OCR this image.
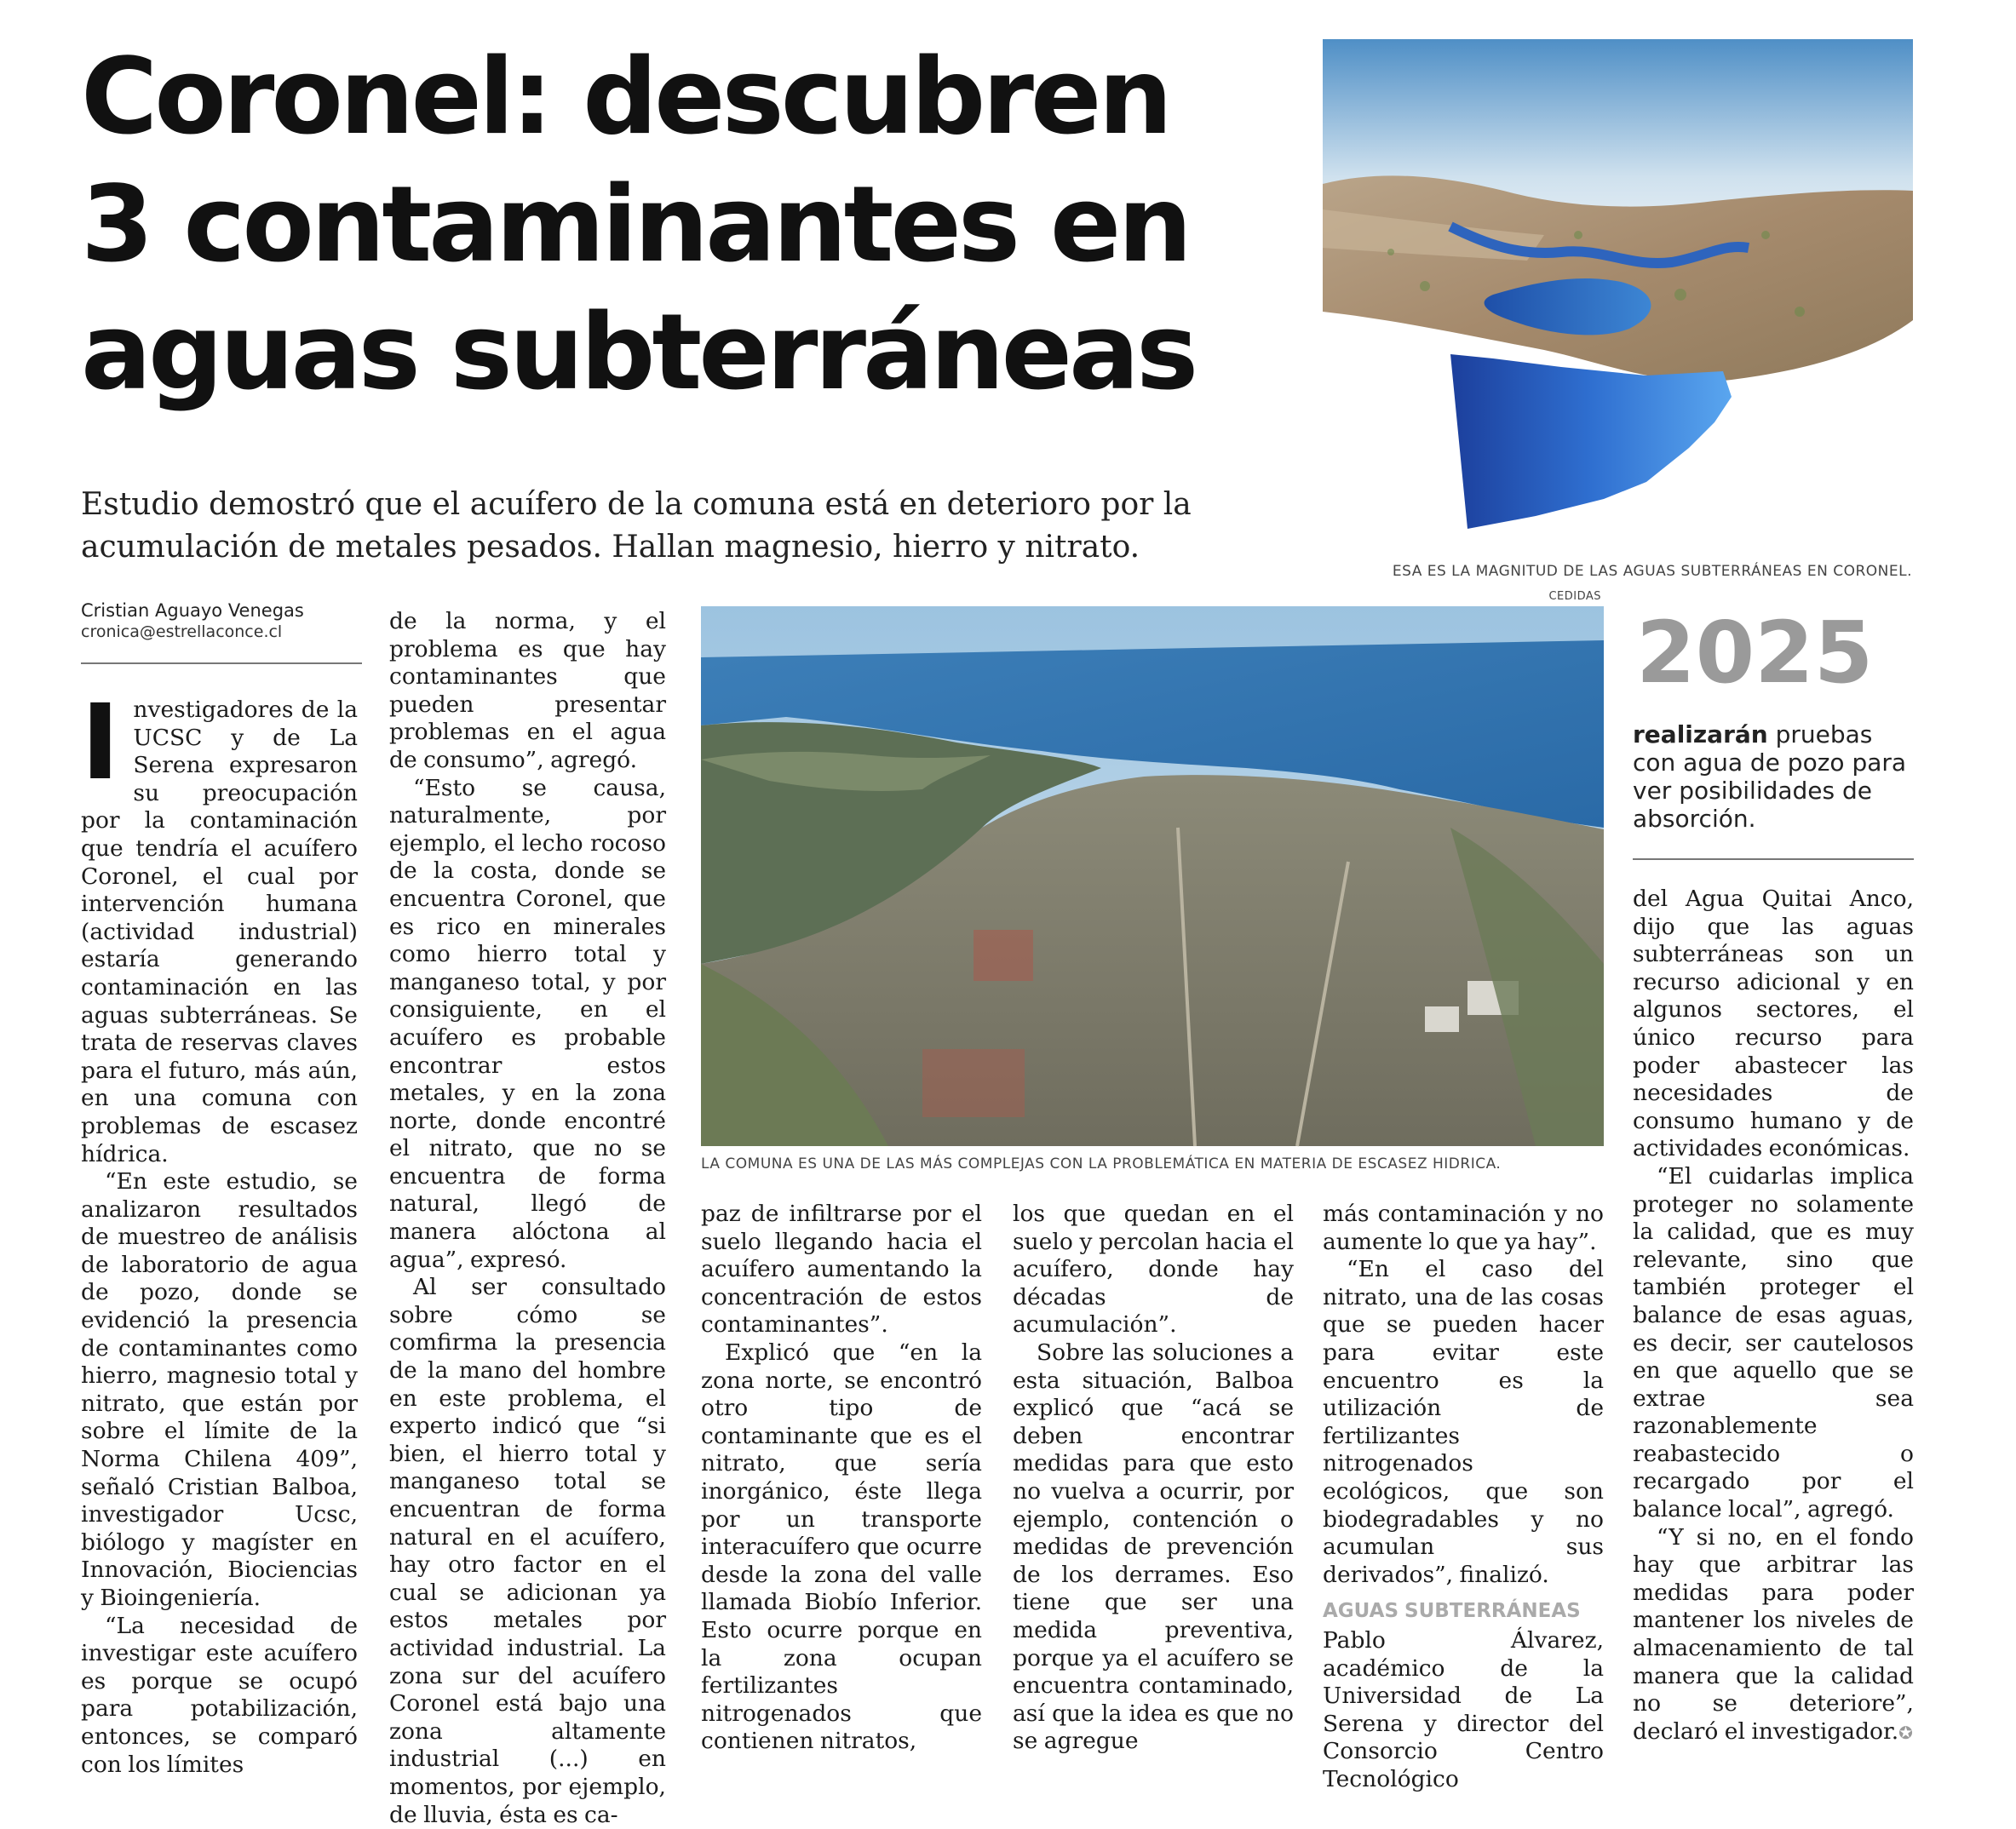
Coronel: descubren
3 contaminantes en
aguas subterráneas
Estudio demostró que el acuífero de la comuna está en deterioro por la
acumulación de metales pesados. Hallan magnesio, hierro y nitrato.
ESA ES LA MAGNITUD DE LAS AGUAS SUBTERRÁNEAS EN CORONEL.
CEDIDAS
Cristian Aguayo Venegas
cronica@estrellaconce.cl

Investigadores de la UCSC y de La Serena expresaron su preocupación por la contaminación que tendría el acuífero Coronel, el cual por intervención humana (actividad industrial) estaría generando contaminación en las aguas subterráneas. Se trata de reservas claves para el futuro, más aún, en una comuna con problemas de escasez hídrica.

“En este estudio, se analizaron resultados de muestreo de análisis de laboratorio de agua de pozo, donde se evidenció la presencia de contaminantes como hierro, magnesio total y nitrato, que están por sobre el límite de la Norma Chilena 409”, señaló Cristian Balboa, investigador Ucsc, biólogo y magíster en Innovación, Biociencias y Bioingeniería.

“La necesidad de investigar este acuífero es porque se ocupó para potabilización, entonces, se comparó con los límites

de la norma, y el problema es que hay contaminantes que pueden presentar problemas en el agua de consumo”, agregó.

“Esto se causa, naturalmente, por ejemplo, el lecho rocoso de la costa, donde se encuentra Coronel, que es rico en minerales como hierro total y manganeso total, y por consiguiente, en el acuífero es probable encontrar estos metales, y en la zona norte, donde encontré el nitrato, que no se encuentra de forma natural, llegó de manera alóctona al agua”, expresó.

Al ser consultado sobre cómo se comfirma la presencia de la mano del hombre en este problema, el experto indicó que “si bien, el hierro total y manganeso total se encuentran de forma natural en el acuífero, hay otro factor en el cual se adicionan ya estos metales por actividad industrial. La zona sur del acuífero Coronel está bajo una zona altamente industrial (...) en momentos, por ejemplo, de lluvia, ésta es ca-

LA COMUNA ES UNA DE LAS MÁS COMPLEJAS CON LA PROBLEMÁTICA EN MATERIA DE ESCASEZ HIDRICA.
2025

realizarán pruebas con agua de pozo para ver posibilidades de absorción.

paz de infiltrarse por el suelo llegando hacia el acuífero aumentando la concentración de estos contaminantes”.

Explicó que “en la zona norte, se encontró otro tipo de contaminante que es el nitrato, que sería inorgánico, éste llega por un transporte interacuífero que ocurre desde la zona del valle llamada Biobío Inferior. Esto ocurre porque en la zona ocupan fertilizantes nitrogenados que contienen nitratos,

los que quedan en el suelo y percolan hacia el acuífero, donde hay décadas de acumulación”.

Sobre las soluciones a esta situación, Balboa explicó que “acá se deben encontrar medidas para que esto no vuelva a ocurrir, por ejemplo, contención o medidas de prevención de los derrames. Eso tiene que ser una medida preventiva, porque ya el acuífero se encuentra contaminado, así que la idea es que no se agregue

más contaminación y no aumente lo que ya hay”.

“En el caso del nitrato, una de las cosas que se pueden hacer para evitar este encuentro es la utilización de fertilizantes nitrogenados ecológicos, que son biodegradables y no acumulan sus derivados”, finalizó.

AGUAS SUBTERRÁNEAS

Pablo Álvarez, académico de la Universidad de La Serena y director del Consorcio Centro Tecnológico

del Agua Quitai Anco, dijo que las aguas subterráneas son un recurso adicional y en algunos sectores, el único recurso para poder abastecer las necesidades de consumo humano y de actividades económicas.

“El cuidarlas implica proteger no solamente la calidad, que es muy relevante, sino que también proteger el balance de esas aguas, es decir, ser cautelosos en que aquello que se extrae sea razonablemente reabastecido o recargado por el balance local”, agregó.

“Y si no, en el fondo hay que arbitrar las medidas para poder mantener los niveles de almacenamiento de tal manera que la calidad no se deteriore”, declaró el investigador.✪
